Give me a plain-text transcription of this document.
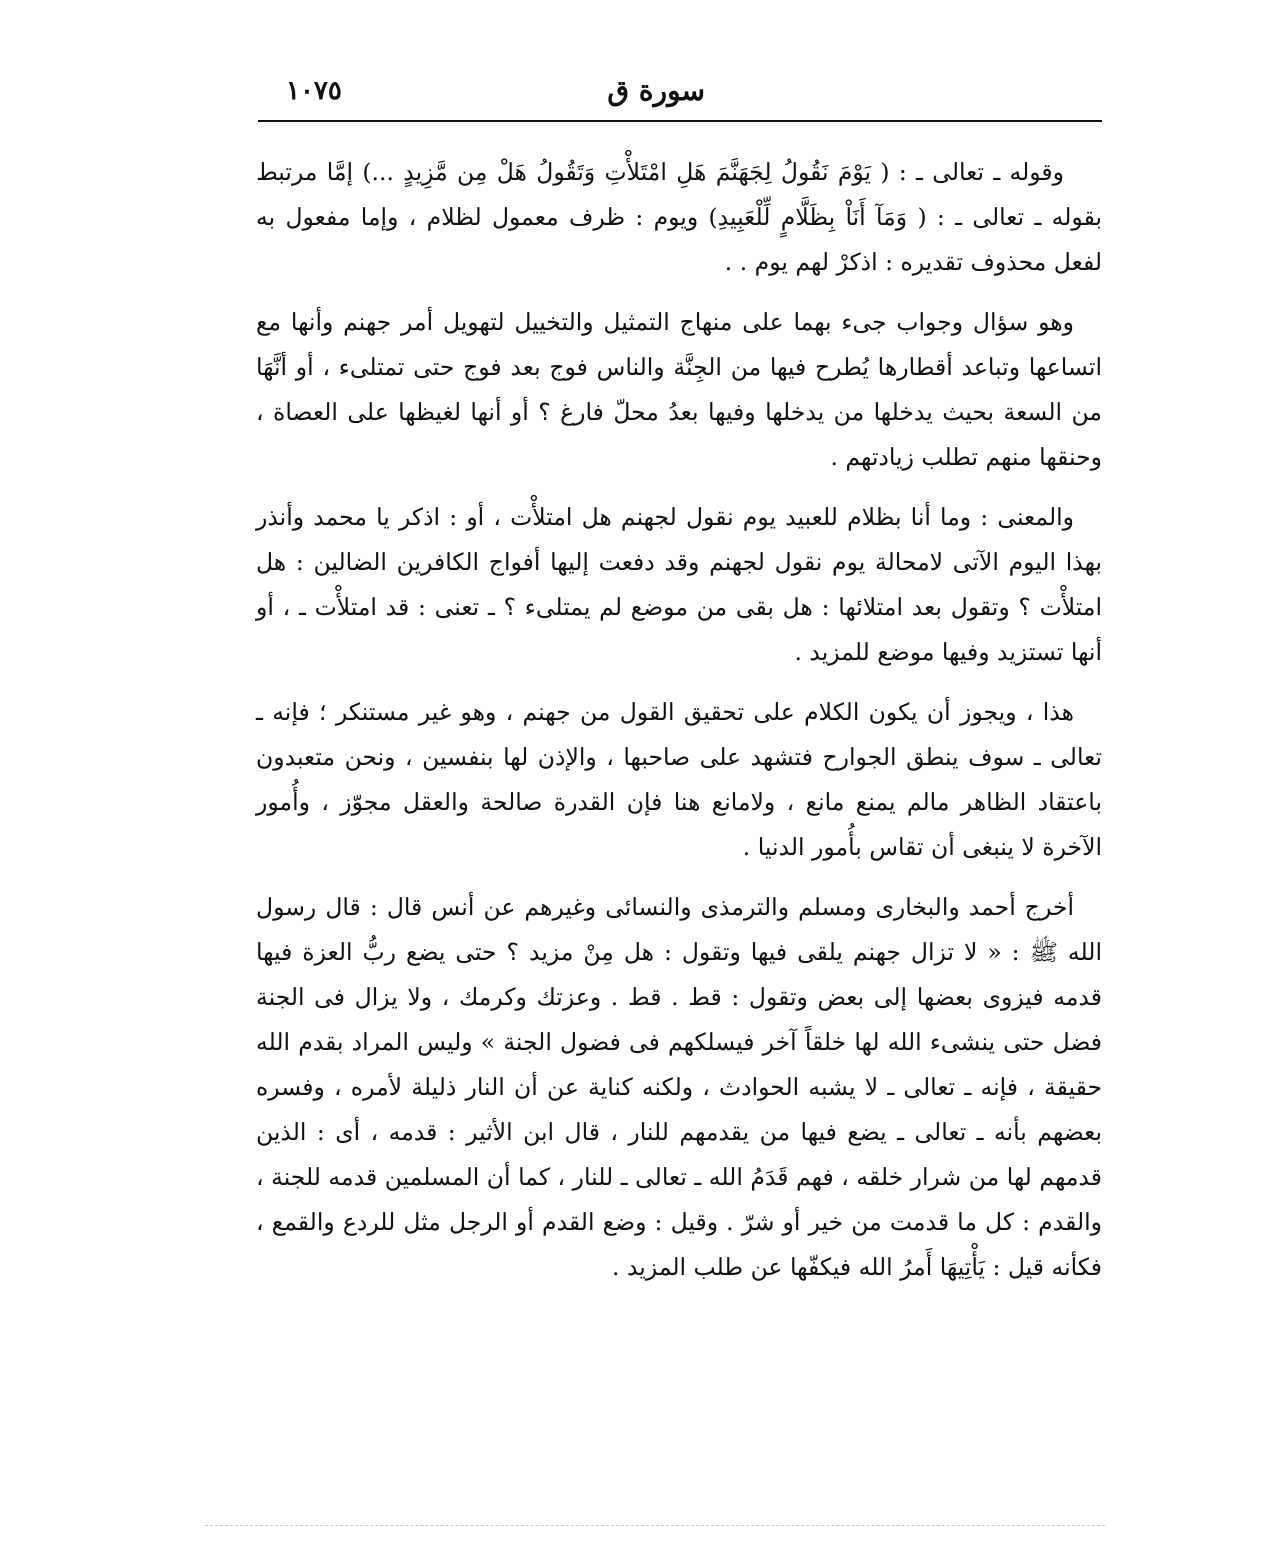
سورة ق
١٠٧٥

وقوله ـ تعالى ـ : ( يَوْمَ نَقُولُ لِجَهَنَّمَ هَلِ امْتَلأْتِ وَتَقُولُ هَلْ مِن مَّزِيدٍ ...) إمَّا مرتبط بقوله ـ تعالى ـ : ( وَمَآ أَنَاْ بِظَلَّامٍ لِّلْعَبِيدِ) ويوم : ظرف معمول لظلام ، وإما مفعول به لفعل محذوف تقديره : اذكرْ لهم يوم . .

وهو سؤال وجواب جىء بهما على منهاج التمثيل والتخييل لتهويل أمر جهنم وأنها مع اتساعها وتباعد أقطارها يُطرح فيها من الجِنَّة والناس فوج بعد فوج حتى تمتلىء ، أو أنَّهَا من السعة بحيث يدخلها من يدخلها وفيها بعدُ محلّ فارغ ؟ أو أنها لغيظها على العصاة ، وحنقها منهم تطلب زيادتهم .

والمعنى : وما أنا بظلام للعبيد يوم نقول لجهنم هل امتلأْت ، أو : اذكر يا محمد وأنذر بهذا اليوم الآتى لامحالة يوم نقول لجهنم وقد دفعت إليها أفواج الكافرين الضالين : هل امتلأْت ؟ وتقول بعد امتلائها : هل بقى من موضع لم يمتلىء ؟ ـ تعنى : قد امتلأْت ـ ، أو أنها تستزيد وفيها موضع للمزيد .

هذا ، ويجوز أن يكون الكلام على تحقيق القول من جهنم ، وهو غير مستنكر ؛ فإنه ـ تعالى ـ سوف ينطق الجوارح فتشهد على صاحبها ، والإذن لها بنفسين ، ونحن متعبدون باعتقاد الظاهر مالم يمنع مانع ، ولامانع هنا فإن القدرة صالحة والعقل مجوّز ، وأُمور الآخرة لا ينبغى أن تقاس بأُمور الدنيا .

أخرج أحمد والبخارى ومسلم والترمذى والنسائى وغيرهم عن أنس قال : قال رسول الله ﷺ : « لا تزال جهنم يلقى فيها وتقول : هل مِنْ مزيد ؟ حتى يضع ربُّ العزة فيها قدمه فيزوى بعضها إلى بعض وتقول : قط . قط . وعزتك وكرمك ، ولا يزال فى الجنة فضل حتى ينشىء الله لها خلقاً آخر فيسلكهم فى فضول الجنة » وليس المراد بقدم الله حقيقة ، فإنه ـ تعالى ـ لا يشبه الحوادث ، ولكنه كناية عن أن النار ذليلة لأمره ، وفسره بعضهم بأنه ـ تعالى ـ يضع فيها من يقدمهم للنار ، قال ابن الأثير : قدمه ، أى : الذين قدمهم لها من شرار خلقه ، فهم قَدَمُ الله ـ تعالى ـ للنار ، كما أن المسلمين قدمه للجنة ، والقدم : كل ما قدمت من خير أو شرّ . وقيل : وضع القدم أو الرجل مثل للردع والقمع ، فكأنه قيل : يَأْتِيهَا أَمرُ الله فيكفّها عن طلب المزيد .
